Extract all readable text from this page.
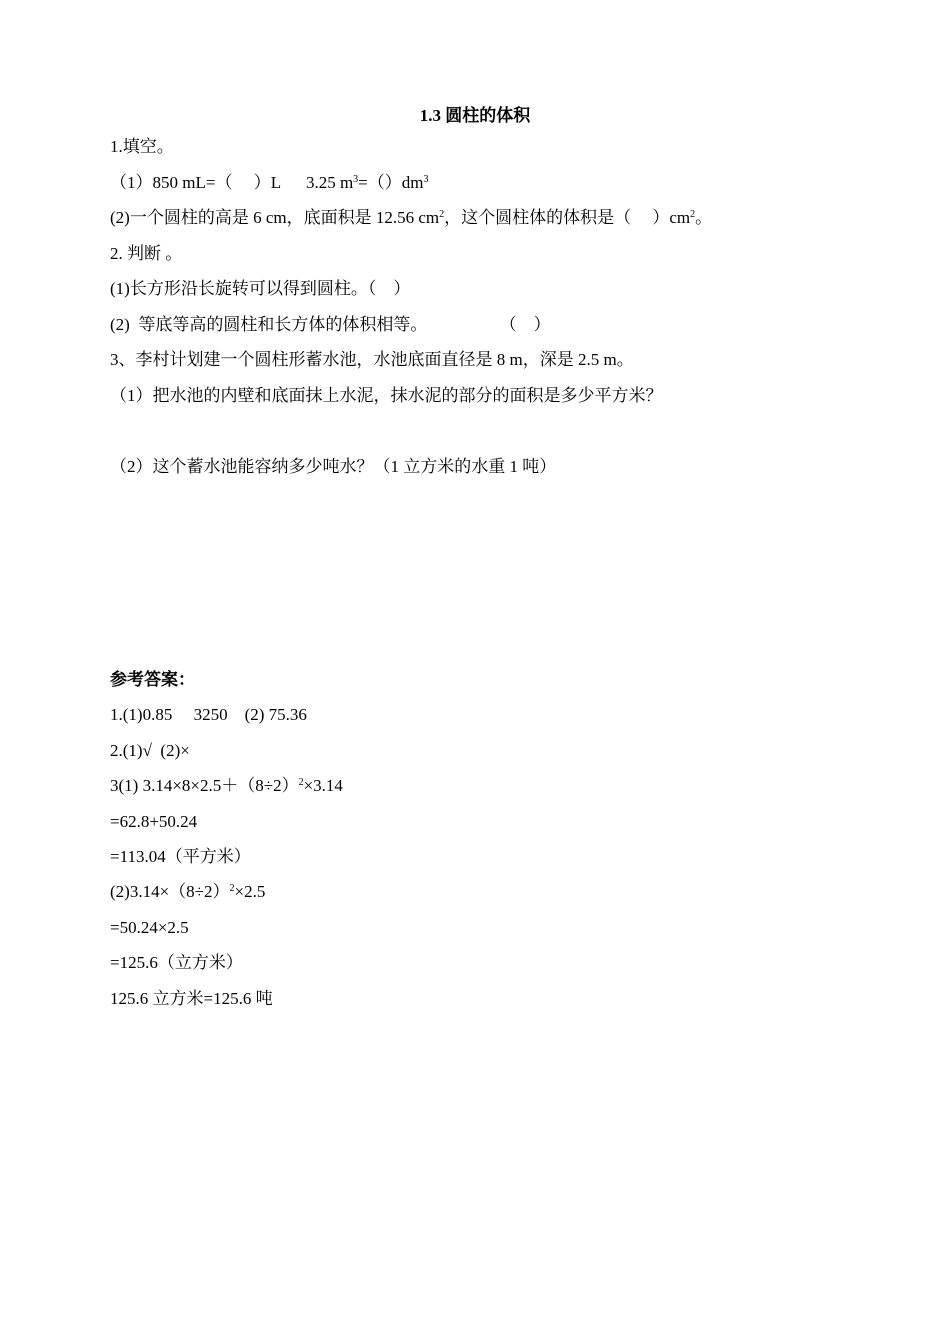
1.3 圆柱的体积
1.填空。
（1）850 mL=（     ）L      3.25 $m^3=()dm^3$
(2)一个圆柱的高是 6 cm，底面积是 12.56 $cm^2$，这个圆柱体的体积是（     ）$cm^2$。
2. 判断 。
(1)长方形沿长旋转可以得到圆柱。（    ）
(2)  等底等高的圆柱和长方体的体积相等。                 （    ）
3、李村计划建一个圆柱形蓄水池，水池底面直径是 8 m，深是 2.5 m。
（1）把水池的内壁和底面抹上水泥，抹水泥的部分的面积是多少平方米？
（2）这个蓄水池能容纳多少吨水？（1 立方米的水重 1 吨）
参考答案：
1.(1)0.85     3250    (2) 75.36
2.(1)√  (2)×
3(1) $3.14\times 8\times 2.5+(8\div 2)^2\times 3.14$
=62.8+50.24
=113.04（平方米）
$(2)3.14\times(8\div 2)^2\times 2.5$
=50.24×2.5
=125.6（立方米）
125.6 立方米=125.6 吨
